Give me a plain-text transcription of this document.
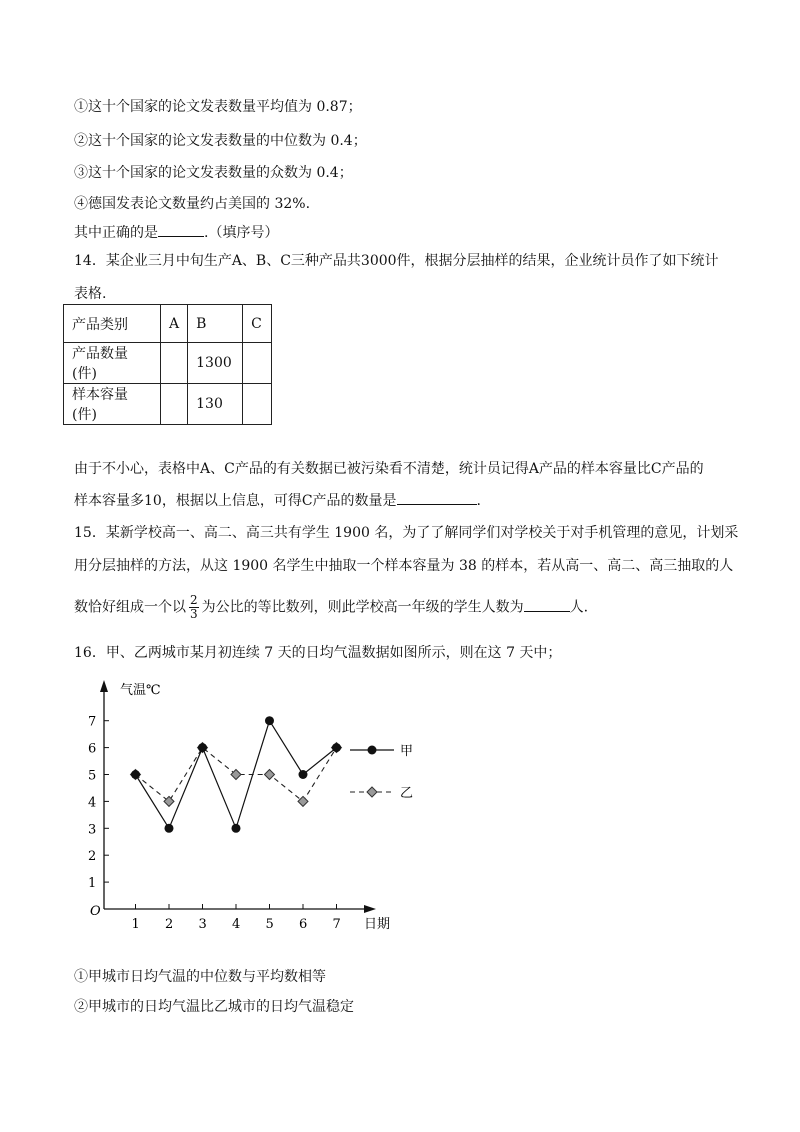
①这十个国家的论文发表数量平均值为 0.87；
②这十个国家的论文发表数量的中位数为 0.4；
③这十个国家的论文发表数量的众数为 0.4；
④德国发表论文数量约占美国的 32%.
其中正确的是	.（填序号）
14．某企业三月中旬生产A、B、C三种产品共3000件，根据分层抽样的结果，企业统计员作了如下统计
表格.
产品类别	A	B	C
产品数量(件)		1300	
样本容量(件)		130	
由于不小心，表格中A、C产品的有关数据已被污染看不清楚，统计员记得A产品的样本容量比C产品的
样本容量多10，根据以上信息，可得C产品的数量是	.
15．某新学校高一、高二、高三共有学生 1900 名，为了了解同学们对学校关于对手机管理的意见，计划采
用分层抽样的方法，从这 1900 名学生中抽取一个样本容量为 38 的样本，若从高一、高二、高三抽取的人
数恰好组成一个以 $\frac{2}{3}$ 为公比的等比数列，则此学校高一年级的学生人数为	人.
16．甲、乙两城市某月初连续 7 天的日均气温数据如图所示，则在这 7 天中；
O
1
2
3
4
5
6
7
1 2 3 4 5 6 7
气温℃
日期
甲
乙
①甲城市日均气温的中位数与平均数相等
②甲城市的日均气温比乙城市的日均气温稳定
